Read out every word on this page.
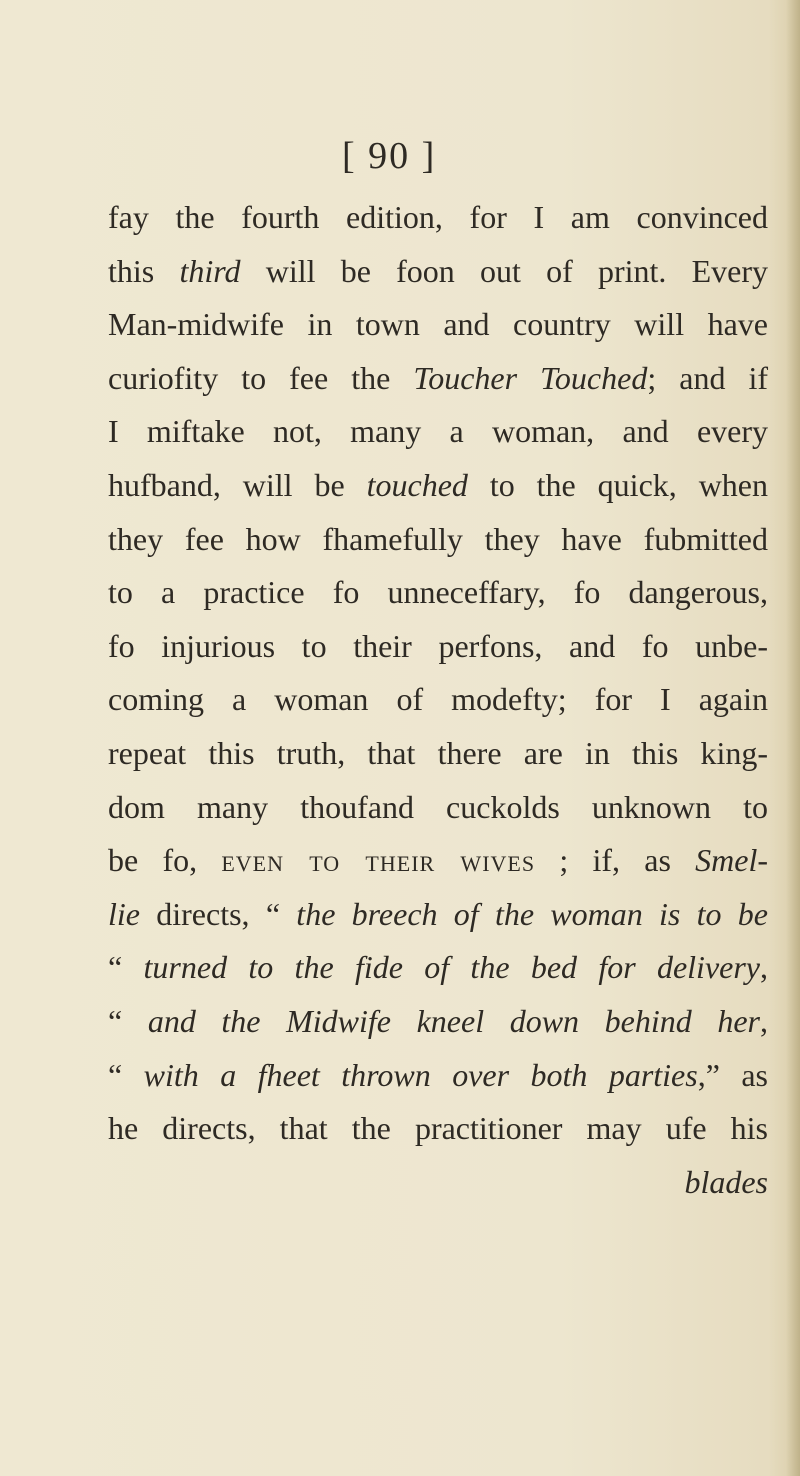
[ 90 ]

fay the fourth edition, for I am convinced
this third will be foon out of print. Every
Man-midwife in town and country will have
curiofity to fee the Toucher Touched; and if
I miftake not, many a woman, and every
hufband, will be touched to the quick, when
they fee how fhamefully they have fubmitted
to a practice fo unneceffary, fo dangerous,
fo injurious to their perfons, and fo unbe-
coming a woman of modefty; for I again
repeat this truth, that there are in this king-
dom many thoufand cuckolds unknown to
be fo, even to their wives ; if, as Smel-
lie directs, “ the breech of the woman is to be
“ turned to the fide of the bed for delivery,
“ and the Midwife kneel down behind her,
“ with a fheet thrown over both parties,” as
he directs, that the practitioner may ufe his
blades
